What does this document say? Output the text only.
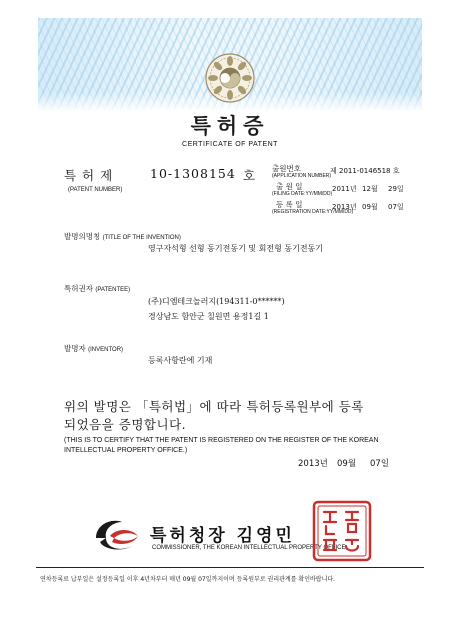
특허증
CERTIFICATE OF PATENT
특 허 제	10-1308154 호
(PATENT NUMBER)
출원번호
(APPLICATION NUMBER)
제 2011-0146518 호
출 원 일
(FILING DATE:YY/MM/DD)
2011년 12월 29일
등 록 일
(REGISTRATION DATE:YY/MM/DD)
2013년 09월 07일
발명의명칭 (TITLE OF THE INVENTION)
영구자석형 선형 동기전동기 및 회전형 동기전동기
특허권자 (PATENTEE)
(주)디엠테크놀러지(194311-0******)
경상남도 함안군 칠원면 용정1길 1
발명자 (INVENTOR)
등록사항란에 기재
위의 발명은 「특허법」에 따라 특허등록원부에 등록
되었음을 증명합니다.
(THIS IS TO CERTIFY THAT THE PATENT IS REGISTERED ON THE REGISTER OF THE KOREAN
INTELLECTUAL PROPERTY OFFICE.)
2013년 09월 07일
특허청장 김영민
COMMISSIONER, THE KOREAN INTELLECTUAL PROPERTY OFFICE
연차등록료 납부일은 설정등록일 이후 4년차부터 매년 09월 07일까지이며 등록원부로 권리관계를 확인바랍니다.
